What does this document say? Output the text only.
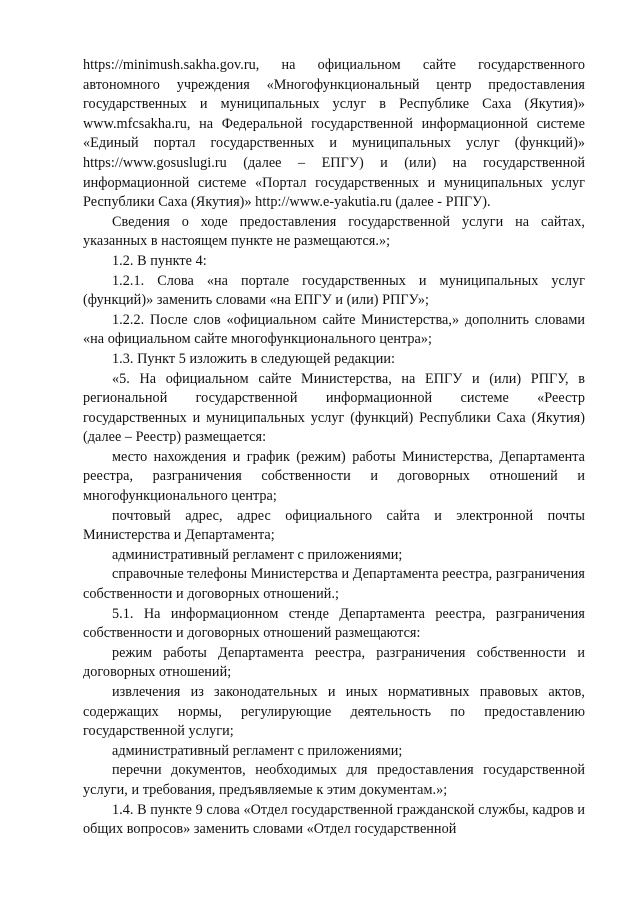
https://minimush.sakha.gov.ru, на официальном сайте государственного автономного учреждения «Многофункциональный центр предоставления государственных и муниципальных услуг в Республике Саха (Якутия)» www.mfcsakha.ru, на Федеральной государственной информационной системе «Единый портал государственных и муниципальных услуг (функций)» https://www.gosuslugi.ru (далее – ЕПГУ) и (или) на государственной информационной системе «Портал государственных и муниципальных услуг Республики Саха (Якутия)» http://www.e-yakutia.ru (далее - РПГУ).

Сведения о ходе предоставления государственной услуги на сайтах, указанных в настоящем пункте не размещаются.»;

1.2. В пункте 4:

1.2.1. Слова «на портале государственных и муниципальных услуг (функций)» заменить словами «на ЕПГУ и (или) РПГУ»;

1.2.2. После слов «официальном сайте Министерства,» дополнить словами «на официальном сайте многофункционального центра»;

1.3. Пункт 5 изложить в следующей редакции:

«5. На официальном сайте Министерства, на ЕПГУ и (или) РПГУ, в региональной государственной информационной системе «Реестр государственных и муниципальных услуг (функций) Республики Саха (Якутия) (далее – Реестр) размещается:

место нахождения и график (режим) работы Министерства, Департамента реестра, разграничения собственности и договорных отношений и многофункционального центра;

почтовый адрес, адрес официального сайта и электронной почты Министерства и Департамента;

административный регламент с приложениями;

справочные телефоны Министерства и Департамента реестра, разграничения собственности и договорных отношений.;

5.1. На информационном стенде Департамента реестра, разграничения собственности и договорных отношений размещаются:

режим работы Департамента реестра, разграничения собственности и договорных отношений;

извлечения из законодательных и иных нормативных правовых актов, содержащих нормы, регулирующие деятельность по предоставлению государственной услуги;

административный регламент с приложениями;

перечни документов, необходимых для предоставления государственной услуги, и требования, предъявляемые к этим документам.»;

1.4. В пункте 9 слова «Отдел государственной гражданской службы, кадров и общих вопросов» заменить словами «Отдел государственной
